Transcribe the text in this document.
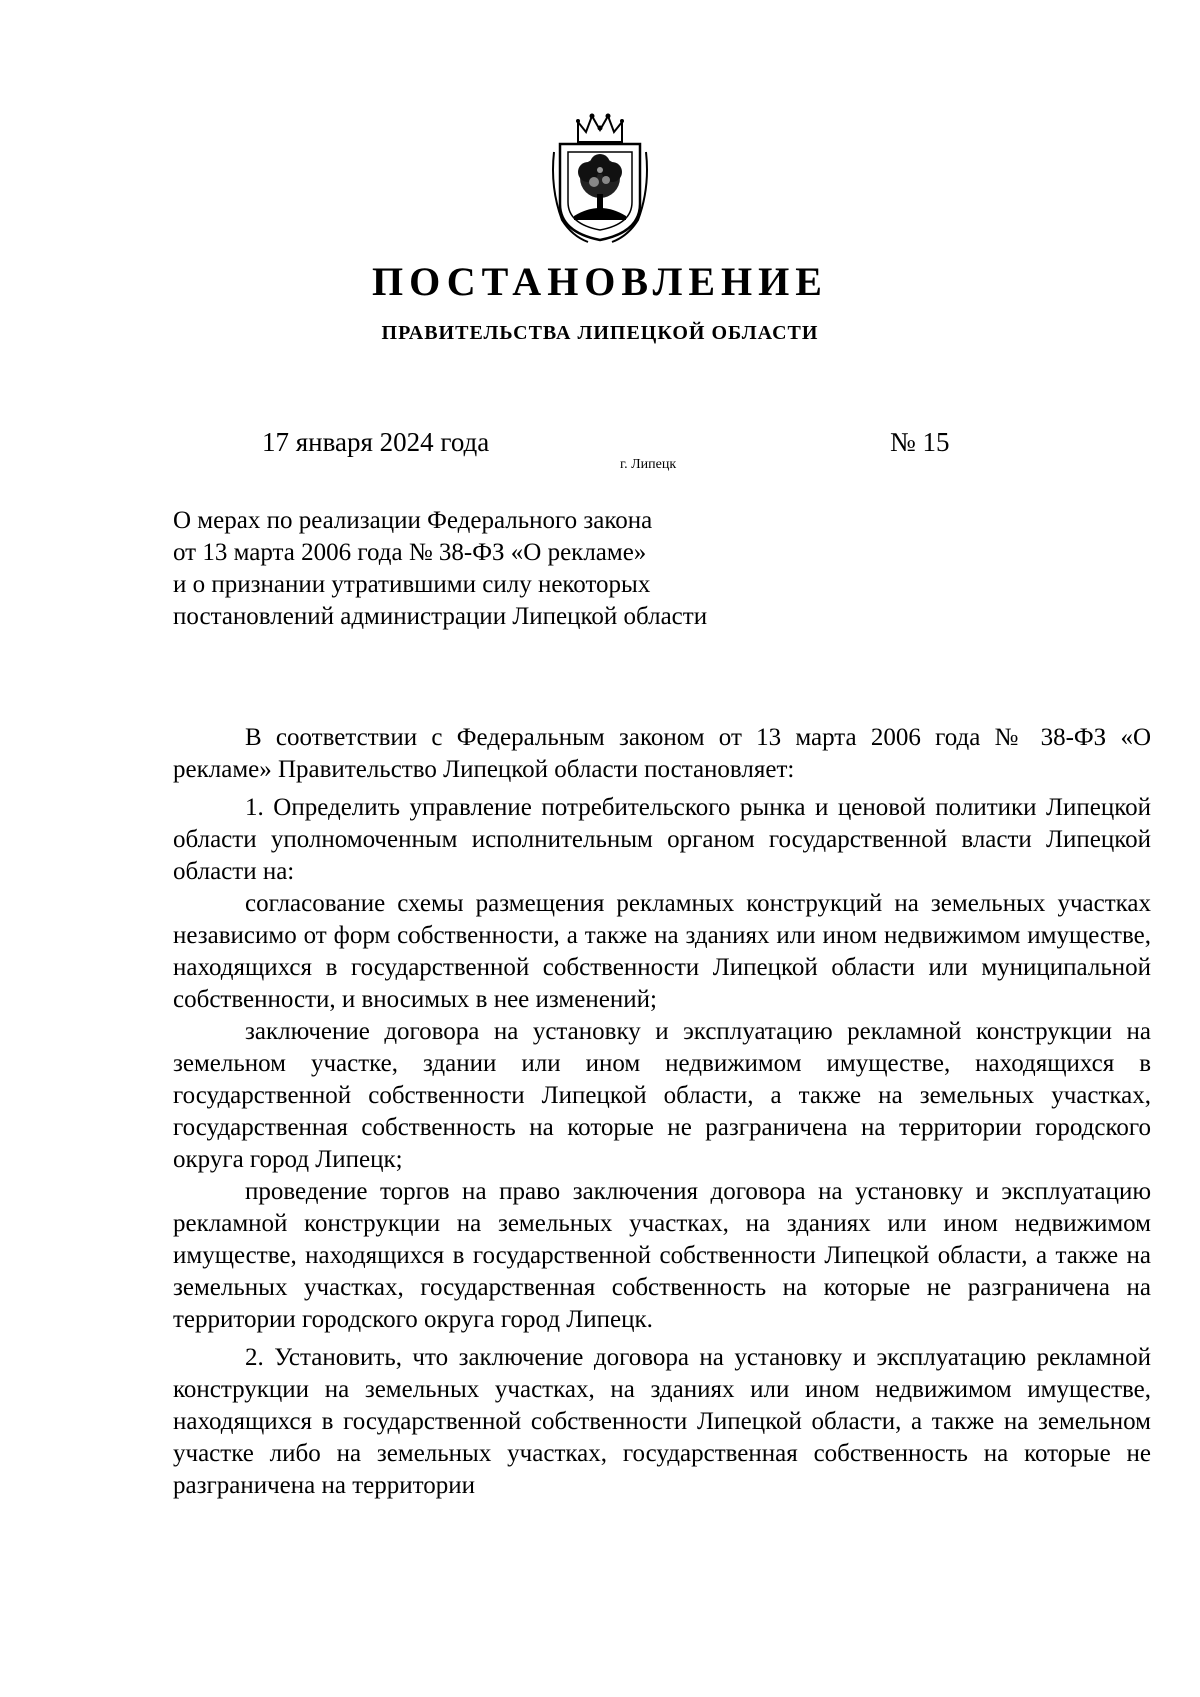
ПОСТАНОВЛЕНИЕ
ПРАВИТЕЛЬСТВА ЛИПЕЦКОЙ ОБЛАСТИ
17 января 2024 года
г. Липецк
№ 15
О мерах по реализации Федерального закона
от 13 марта 2006 года № 38-ФЗ «О рекламе»
и о признании утратившими силу некоторых
постановлений администрации Липецкой области

В соответствии с Федеральным законом от 13 марта 2006 года № 38-ФЗ «О рекламе» Правительство Липецкой области постановляет:

1. Определить управление потребительского рынка и ценовой политики Липецкой области уполномоченным исполнительным органом государственной власти Липецкой области на:

согласование схемы размещения рекламных конструкций на земельных участках независимо от форм собственности, а также на зданиях или ином недвижимом имуществе, находящихся в государственной собственности Липецкой области или муниципальной собственности, и вносимых в нее изменений;

заключение договора на установку и эксплуатацию рекламной конструкции на земельном участке, здании или ином недвижимом имуществе, находящихся в государственной собственности Липецкой области, а также на земельных участках, государственная собственность на которые не разграничена на территории городского округа город Липецк;

проведение торгов на право заключения договора на установку и эксплуатацию рекламной конструкции на земельных участках, на зданиях или ином недвижимом имуществе, находящихся в государственной собственности Липецкой области, а также на земельных участках, государственная собственность на которые не разграничена на территории городского округа город Липецк.

2. Установить, что заключение договора на установку и эксплуатацию рекламной конструкции на земельных участках, на зданиях или ином недвижимом имуществе, находящихся в государственной собственности Липецкой области, а также на земельном участке либо на земельных участках, государственная собственность на которые не разграничена на территории
